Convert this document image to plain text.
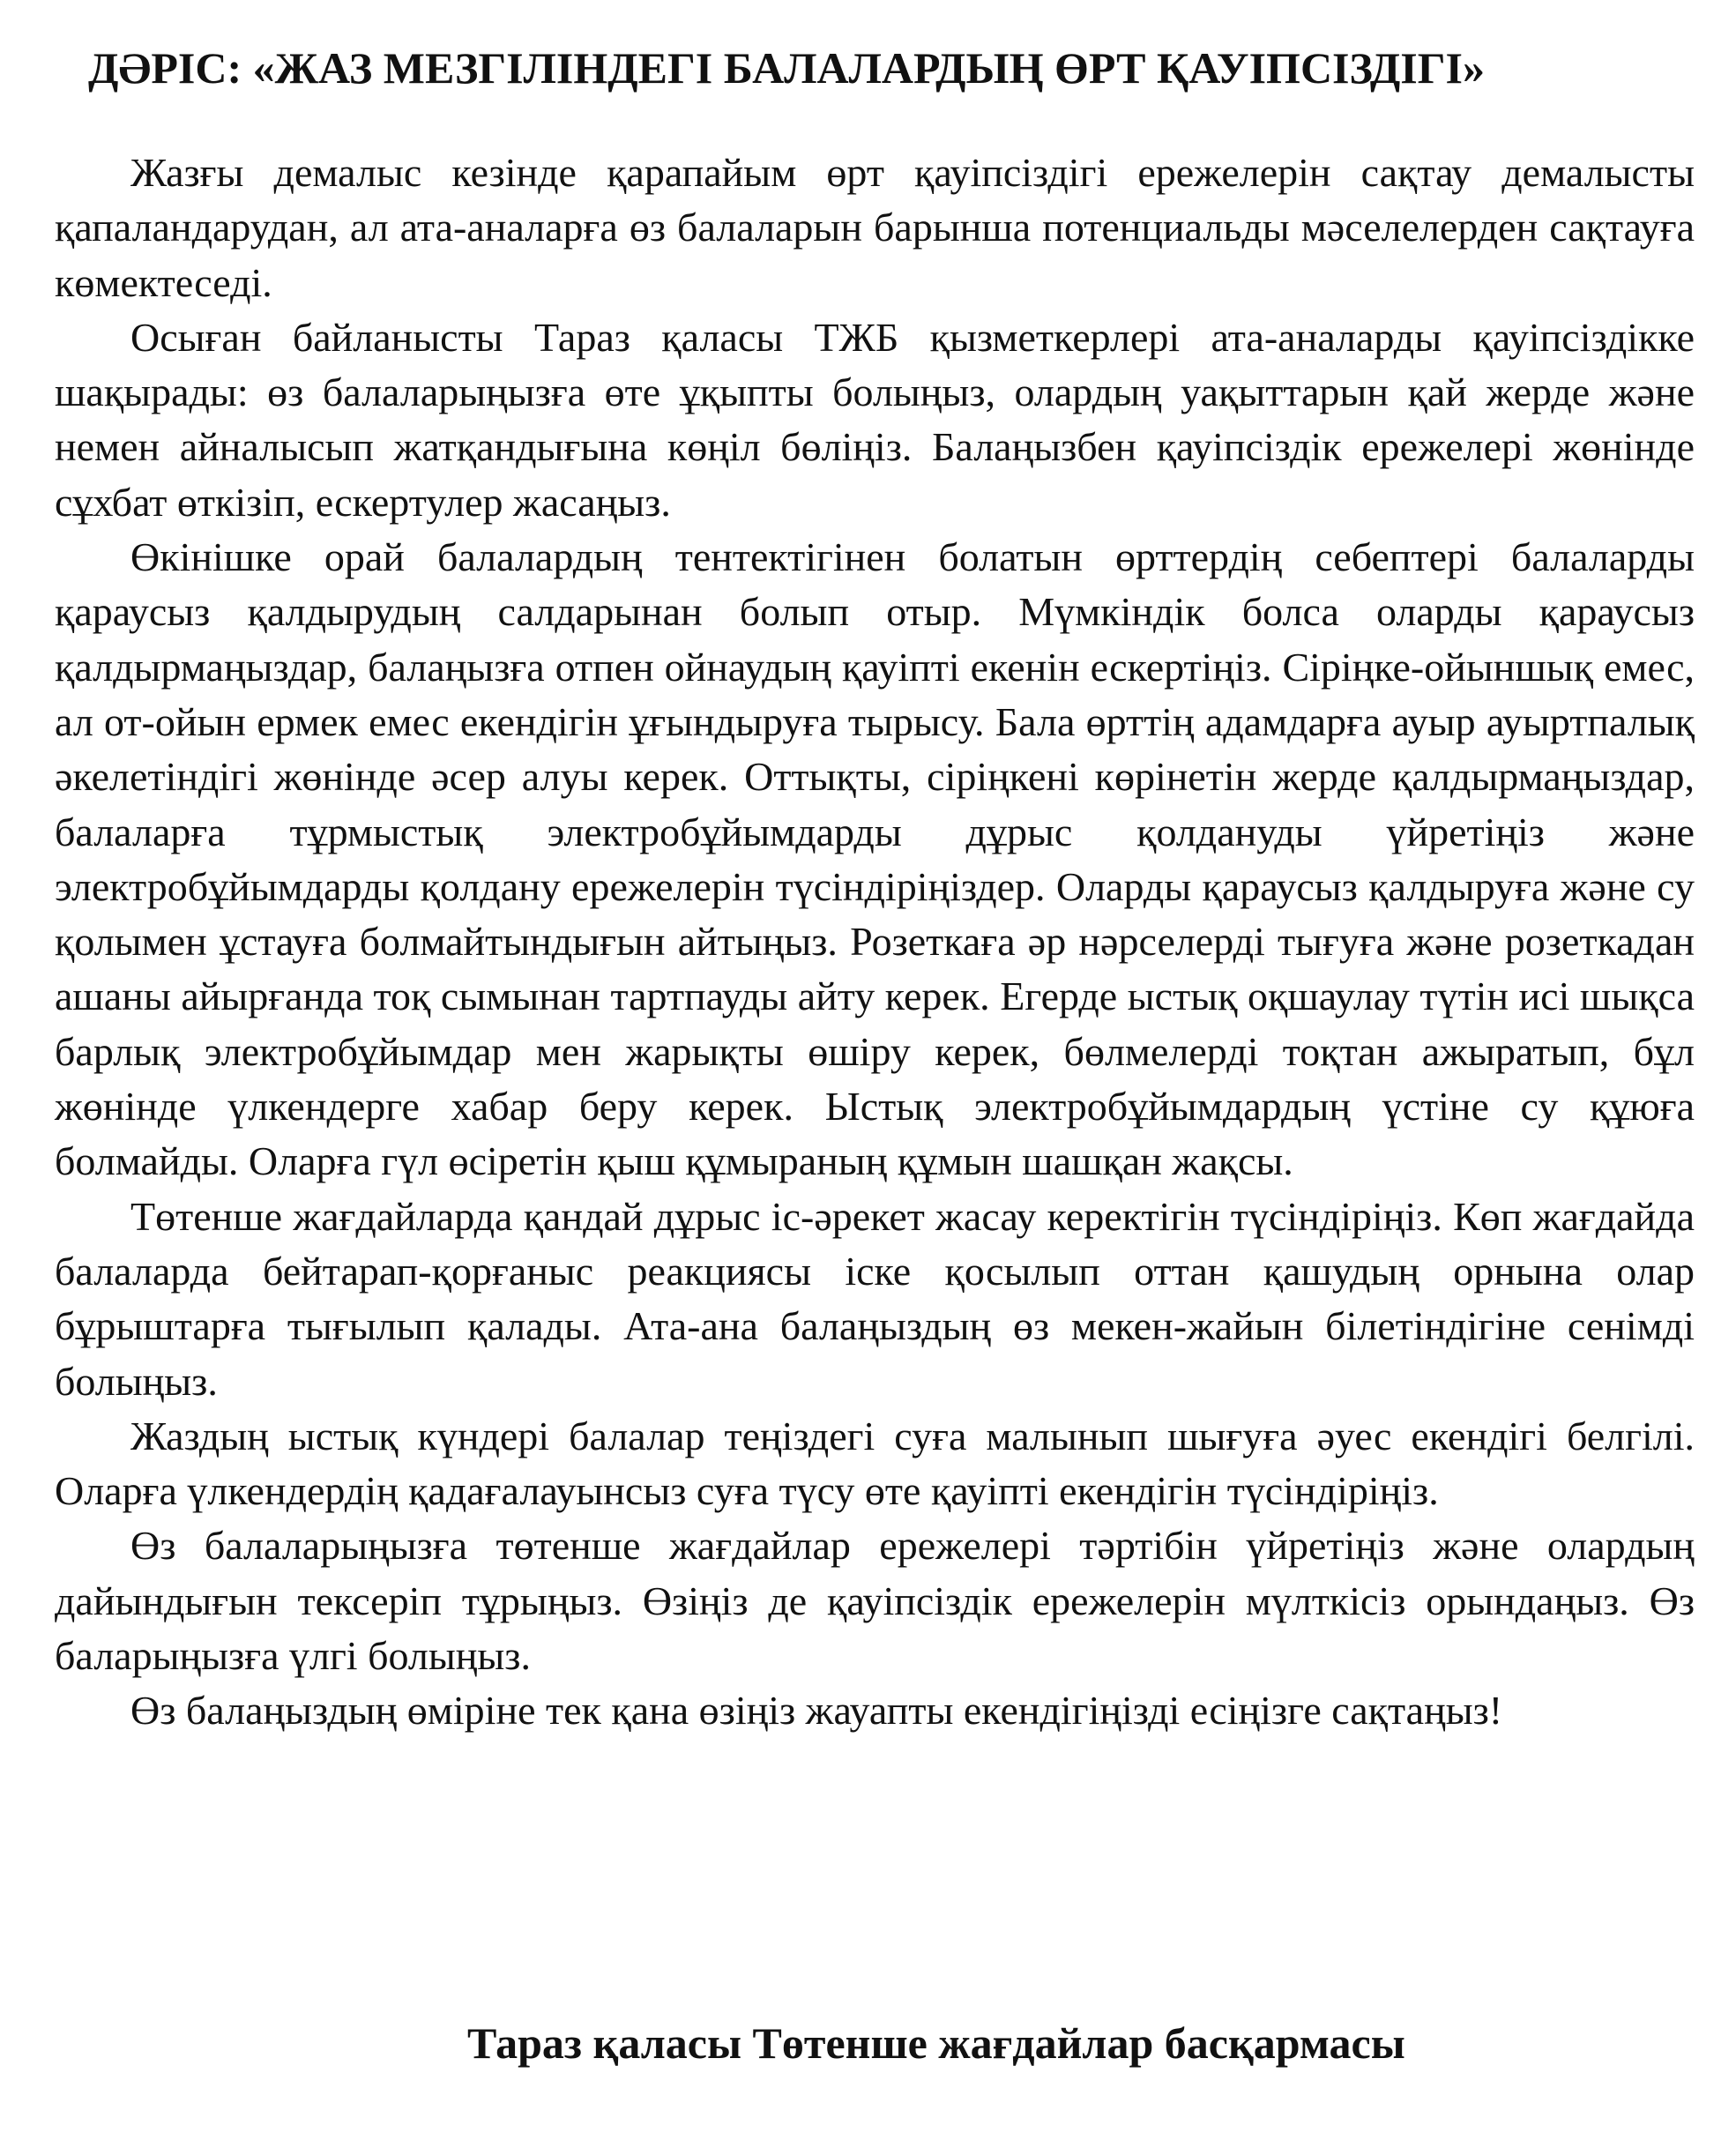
ДӘРІС: «ЖАЗ МЕЗГІЛІНДЕГІ БАЛАЛАРДЫҢ ӨРТ ҚАУІПСІЗДІГІ»

Жазғы демалыс кезінде қарапайым өрт қауіпсіздігі ережелерін сақтау демалысты қапаландарудан, ал ата-аналарға өз балаларын барынша потенциальды мәселелерден сақтауға көмектеседі.

Осыған байланысты Тараз қаласы ТЖБ қызметкерлері ата-аналарды қауіпсіздікке шақырады: өз балаларыңызға өте ұқыпты болыңыз, олардың уақыттарын қай жерде және немен айналысып жатқандығына көңіл бөліңіз. Балаңызбен қауіпсіздік ережелері жөнінде сұхбат өткізіп, ескертулер жасаңыз.

Өкінішке орай балалардың тентектігінен болатын өрттердің себептері балаларды қараусыз қалдырудың салдарынан болып отыр. Мүмкіндік болса оларды қараусыз қалдырмаңыздар, балаңызға отпен ойнаудың қауіпті екенін ескертіңіз. Сіріңке-ойыншық емес, ал от-ойын ермек емес екендігін ұғындыруға тырысу. Бала өрттің адамдарға ауыр ауыртпалық әкелетіндігі жөнінде әсер алуы керек. Оттықты, сіріңкені көрінетін жерде қалдырмаңыздар, балаларға тұрмыстық электробұйымдарды дұрыс қолдануды үйретіңіз және электробұйымдарды қолдану ережелерін түсіндіріңіздер. Оларды қараусыз қалдыруға және су қолымен ұстауға болмайтындығын айтыңыз. Розеткаға әр нәрселерді тығуға және розеткадан ашаны айырғанда тоқ сымынан тартпауды айту керек. Егерде ыстық оқшаулау түтін исі шықса барлық электробұйымдар мен жарықты өшіру керек, бөлмелерді тоқтан ажыратып, бұл жөнінде үлкендерге хабар беру керек. Ыстық электробұйымдардың үстіне су құюға болмайды. Оларға гүл өсіретін қыш құмыраның құмын шашқан жақсы.

Төтенше жағдайларда қандай дұрыс іс-әрекет жасау керектігін түсіндіріңіз. Көп жағдайда балаларда бейтарап-қорғаныс реакциясы іске қосылып оттан қашудың орнына олар бұрыштарға тығылып қалады. Ата-ана балаңыздың өз мекен-жайын білетіндігіне сенімді болыңыз.

Жаздың ыстық күндері балалар теңіздегі суға малынып шығуға әуес екендігі белгілі. Оларға үлкендердің қадағалауынсыз суға түсу өте қауіпті екендігін түсіндіріңіз.

Өз балаларыңызға төтенше жағдайлар ережелері тәртібін үйретіңіз және олардың дайындығын тексеріп тұрыңыз. Өзіңіз де қауіпсіздік ережелерін мүлткісіз орындаңыз. Өз баларыңызға үлгі болыңыз.

Өз балаңыздың өміріне тек қана өзіңіз жауапты екендігіңізді есіңізге сақтаңыз!

Тараз қаласы Төтенше жағдайлар басқармасы
